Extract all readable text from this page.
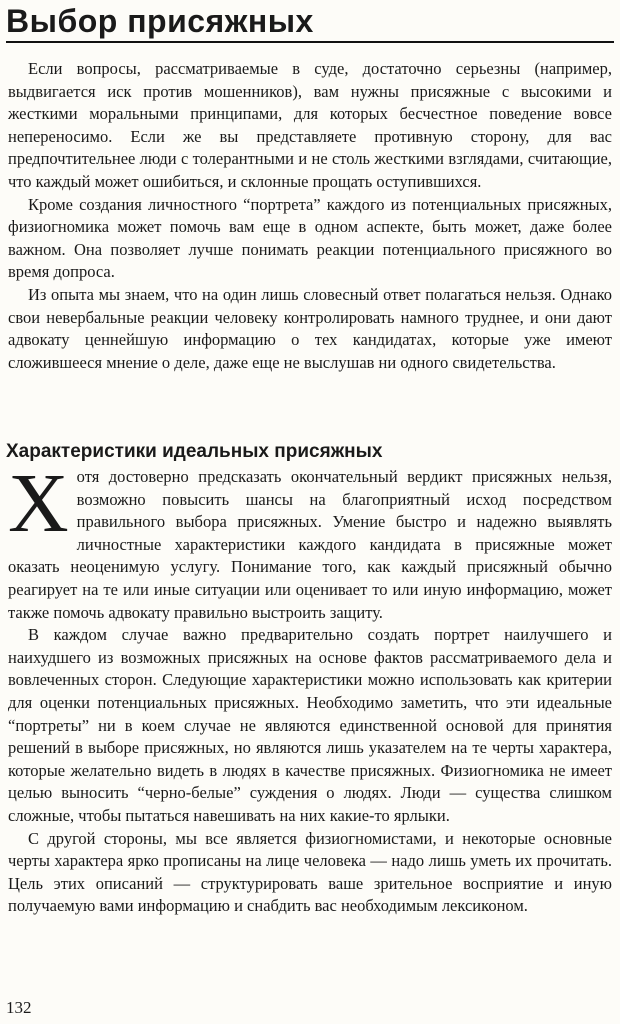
Выбор присяжных

Если вопросы, рассматриваемые в суде, достаточно серьезны (например, выдвигается иск против мошенников), вам нужны присяжные с высокими и жесткими моральными принципами, для которых бесчестное поведение вовсе непереносимо. Если же вы представляете противную сторону, для вас предпочтительнее люди с толерантными и не столь жесткими взглядами, считающие, что каждый может ошибиться, и склонные прощать оступившихся.

Кроме создания личностного “портрета” каждого из потенциальных присяжных, физиогномика может помочь вам еще в одном аспекте, быть может, даже более важном. Она позволяет лучше понимать реакции потенциального присяжного во время допроса.

Из опыта мы знаем, что на один лишь словесный ответ полагаться нельзя. Однако свои невербальные реакции человеку контролировать намного труднее, и они дают адвокату ценнейшую информацию о тех кандидатах, которые уже имеют сложившееся мнение о деле, даже еще не выслушав ни одного свидетельства.

Характеристики идеальных присяжных

Хотя достоверно предсказать окончательный вердикт присяжных нельзя, возможно повысить шансы на благоприятный исход посредством правильного выбора присяжных. Умение быстро и надежно выявлять личностные характеристики каждого кандидата в присяжные может оказать неоценимую услугу. Понимание того, как каждый присяжный обычно реагирует на те или иные ситуации или оценивает то или иную информацию, может также помочь адвокату правильно выстроить защиту.

В каждом случае важно предварительно создать портрет наилучшего и наихудшего из возможных присяжных на основе фактов рассматриваемого дела и вовлеченных сторон. Следующие характеристики можно использовать как критерии для оценки потенциальных присяжных. Необходимо заметить, что эти идеальные “портреты” ни в коем случае не являются единственной основой для принятия решений в выборе присяжных, но являются лишь указателем на те черты характера, которые желательно видеть в людях в качестве присяжных. Физиогномика не имеет целью выносить “черно-белые” суждения о людях. Люди — существа слишком сложные, чтобы пытаться навешивать на них какие-то ярлыки.

С другой стороны, мы все является физиогномистами, и некоторые основные черты характера ярко прописаны на лице человека — надо лишь уметь их прочитать. Цель этих описаний — структурировать ваше зрительное восприятие и иную получаемую вами информацию и снабдить вас необходимым лексиконом.

132
